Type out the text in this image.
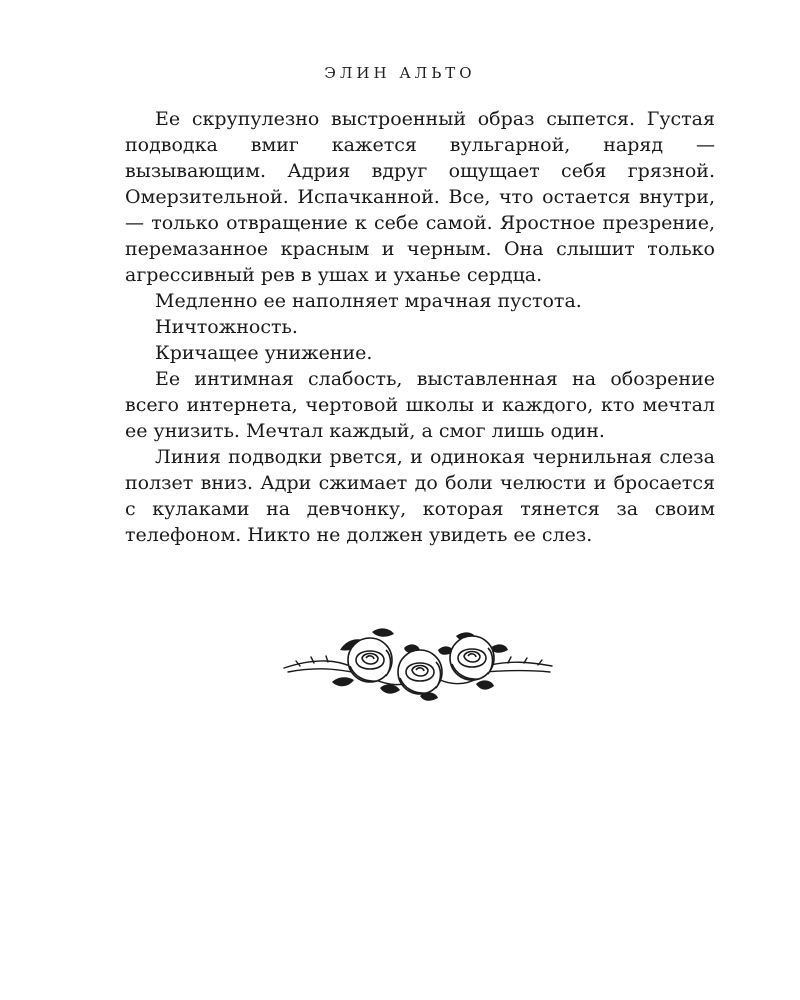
ЭЛИН АЛЬТО

Ее скрупулезно выстроенный образ сыпется. Густая подводка вмиг кажется вульгарной, наряд — вызывающим. Адрия вдруг ощущает себя грязной. Омерзительной. Испачканной. Все, что остается внутри, — только отвращение к себе самой. Яростное презрение, перемазанное красным и черным. Она слышит только агрессивный рев в ушах и уханье сердца.

Медленно ее наполняет мрачная пустота.

Ничтожность.

Кричащее унижение.

Ее интимная слабость, выставленная на обозрение всего интернета, чертовой школы и каждого, кто мечтал ее унизить. Мечтал каждый, а смог лишь один.

Линия подводки рвется, и одинокая чернильная слеза ползет вниз. Адри сжимает до боли челюсти и бросается с кулаками на девчонку, которая тянется за своим телефоном. Никто не должен увидеть ее слез.
